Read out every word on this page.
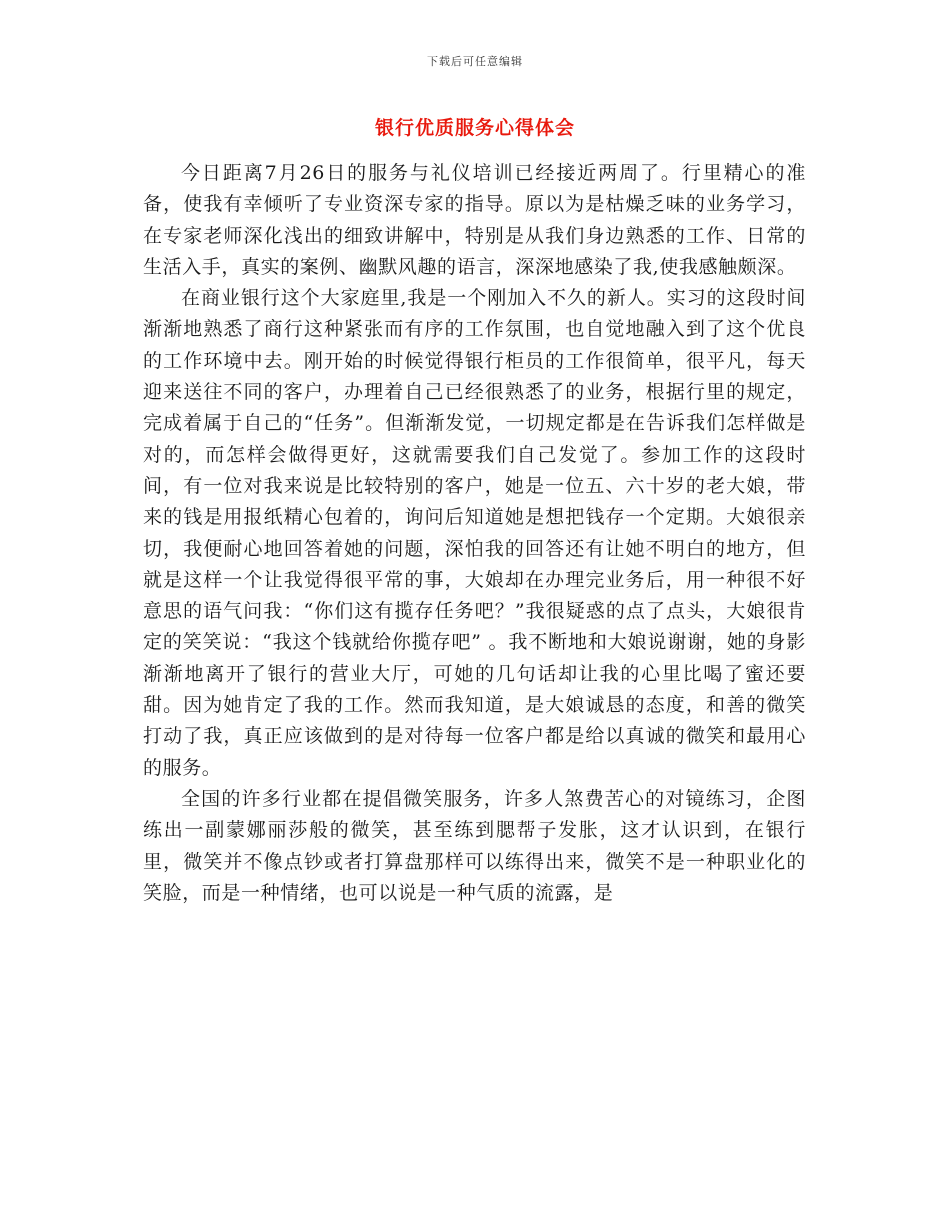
下载后可任意编辑
银行优质服务心得体会

今日距离7月26日的服务与礼仪培训已经接近两周了。行里精心的准备，使我有幸倾听了专业资深专家的指导。原以为是枯燥乏味的业务学习，在专家老师深化浅出的细致讲解中，特别是从我们身边熟悉的工作、日常的生活入手，真实的案例、幽默风趣的语言，深深地感染了我,使我感触颇深。

在商业银行这个大家庭里,我是一个刚加入不久的新人。实习的这段时间渐渐地熟悉了商行这种紧张而有序的工作氛围，也自觉地融入到了这个优良的工作环境中去。刚开始的时候觉得银行柜员的工作很简单，很平凡，每天迎来送往不同的客户，办理着自己已经很熟悉了的业务，根据行里的规定，完成着属于自己的“任务”。但渐渐发觉，一切规定都是在告诉我们怎样做是对的，而怎样会做得更好，这就需要我们自己发觉了。参加工作的这段时间，有一位对我来说是比较特别的客户，她是一位五、六十岁的老大娘，带来的钱是用报纸精心包着的，询问后知道她是想把钱存一个定期。大娘很亲切，我便耐心地回答着她的问题，深怕我的回答还有让她不明白的地方，但就是这样一个让我觉得很平常的事，大娘却在办理完业务后，用一种很不好意思的语气问我：“你们这有揽存任务吧？”我很疑惑的点了点头，大娘很肯定的笑笑说：“我这个钱就给你揽存吧” 。我不断地和大娘说谢谢，她的身影渐渐地离开了银行的营业大厅，可她的几句话却让我的心里比喝了蜜还要甜。因为她肯定了我的工作。然而我知道，是大娘诚恳的态度，和善的微笑打动了我，真正应该做到的是对待每一位客户都是给以真诚的微笑和最用心的服务。

全国的许多行业都在提倡微笑服务，许多人煞费苦心的对镜练习，企图练出一副蒙娜丽莎般的微笑，甚至练到腮帮子发胀，这才认识到，在银行里，微笑并不像点钞或者打算盘那样可以练得出来，微笑不是一种职业化的笑脸，而是一种情绪，也可以说是一种气质的流露，是
